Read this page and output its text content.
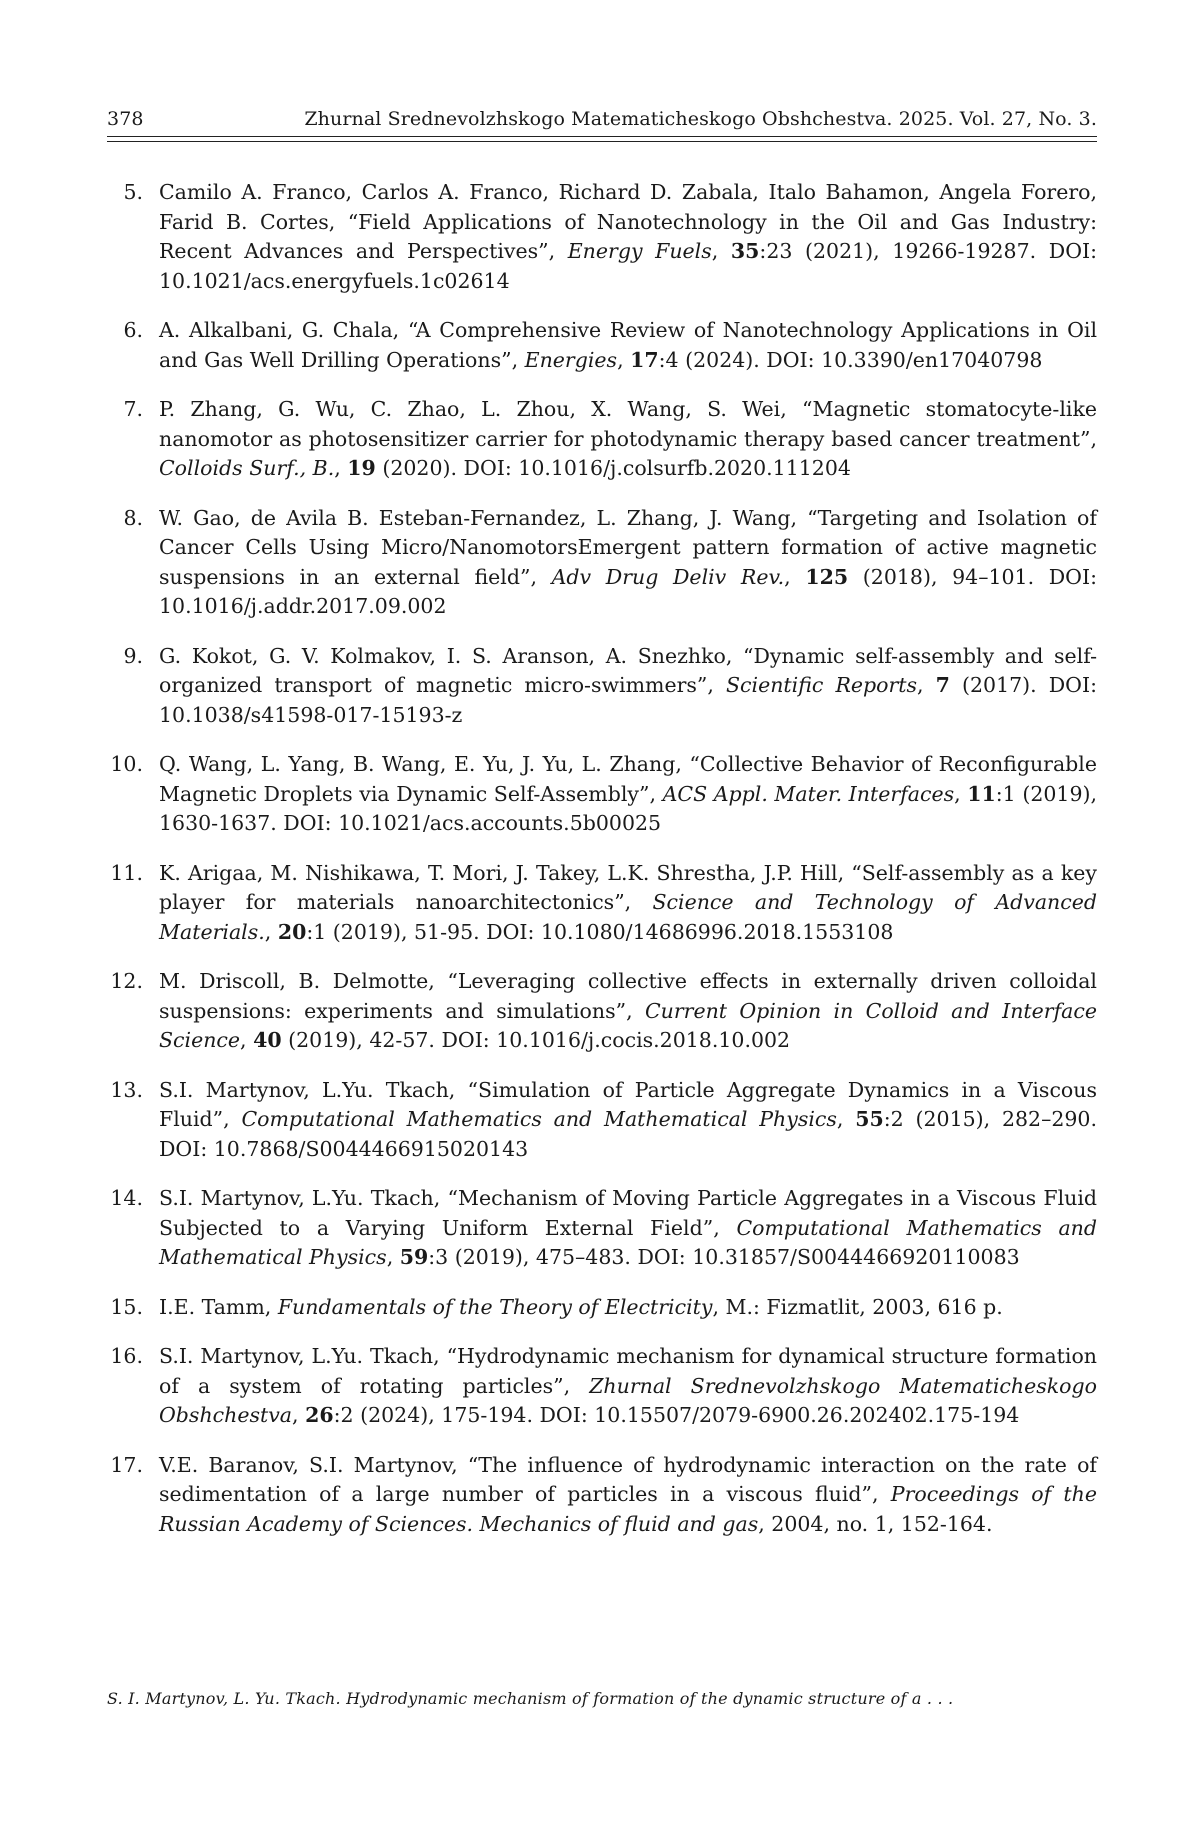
378	Zhurnal Srednevolzhskogo Matematicheskogo Obshchestva. 2025. Vol. 27, No. 3.
5. Camilo A. Franco, Carlos A. Franco, Richard D. Zabala, Italo Bahamon, Angela Forero, Farid B. Cortes, “Field Applications of Nanotechnology in the Oil and Gas Industry: Recent Advances and Perspectives”, Energy Fuels, 35:23 (2021), 19266-19287. DOI: 10.1021/acs.energyfuels.1c02614
6. A. Alkalbani, G. Chala, “A Comprehensive Review of Nanotechnology Applications in Oil and Gas Well Drilling Operations”, Energies, 17:4 (2024). DOI: 10.3390/en17040798
7. P. Zhang, G. Wu, C. Zhao, L. Zhou, X. Wang, S. Wei, “Magnetic stomatocyte-like nanomotor as photosensitizer carrier for photodynamic therapy based cancer treatment”, Colloids Surf., B., 19 (2020). DOI: 10.1016/j.colsurfb.2020.111204
8. W. Gao, de Avila B. Esteban-Fernandez, L. Zhang, J. Wang, “Targeting and Isolation of Cancer Cells Using Micro/NanomotorsEmergent pattern formation of active magnetic suspensions in an external field”, Adv Drug Deliv Rev., 125 (2018), 94–101. DOI: 10.1016/j.addr.2017.09.002
9. G. Kokot, G. V. Kolmakov, I. S. Aranson, A. Snezhko, “Dynamic self-assembly and self-organized transport of magnetic micro-swimmers”, Scientific Reports, 7 (2017). DOI: 10.1038/s41598-017-15193-z
10. Q. Wang, L. Yang, B. Wang, E. Yu, J. Yu, L. Zhang, “Collective Behavior of Reconfigurable Magnetic Droplets via Dynamic Self-Assembly”, ACS Appl. Mater. Interfaces, 11:1 (2019), 1630-1637. DOI: 10.1021/acs.accounts.5b00025
11. K. Arigaa, M. Nishikawa, T. Mori, J. Takey, L.K. Shrestha, J.P. Hill, “Self-assembly as a key player for materials nanoarchitectonics”, Science and Technology of Advanced Materials., 20:1 (2019), 51-95. DOI: 10.1080/14686996.2018.1553108
12. M. Driscoll, B. Delmotte, “Leveraging collective effects in externally driven colloidal suspensions: experiments and simulations”, Current Opinion in Colloid and Interface Science, 40 (2019), 42-57. DOI: 10.1016/j.cocis.2018.10.002
13. S.I. Martynov, L.Yu. Tkach, “Simulation of Particle Aggregate Dynamics in a Viscous Fluid”, Computational Mathematics and Mathematical Physics, 55:2 (2015), 282–290. DOI: 10.7868/S0044466915020143
14. S.I. Martynov, L.Yu. Tkach, “Mechanism of Moving Particle Aggregates in a Viscous Fluid Subjected to a Varying Uniform External Field”, Computational Mathematics and Mathematical Physics, 59:3 (2019), 475–483. DOI: 10.31857/S0044466920110083
15. I.E. Tamm, Fundamentals of the Theory of Electricity, M.: Fizmatlit, 2003, 616 p.
16. S.I. Martynov, L.Yu. Tkach, “Hydrodynamic mechanism for dynamical structure formation of a system of rotating particles”, Zhurnal Srednevolzhskogo Matematicheskogo Obshchestva, 26:2 (2024), 175-194. DOI: 10.15507/2079-6900.26.202402.175-194
17. V.E. Baranov, S.I. Martynov, “The influence of hydrodynamic interaction on the rate of sedimentation of a large number of particles in a viscous fluid”, Proceedings of the Russian Academy of Sciences. Mechanics of fluid and gas, 2004, no. 1, 152-164.
S. I. Martynov, L. Yu. Tkach. Hydrodynamic mechanism of formation of the dynamic structure of a . . .
